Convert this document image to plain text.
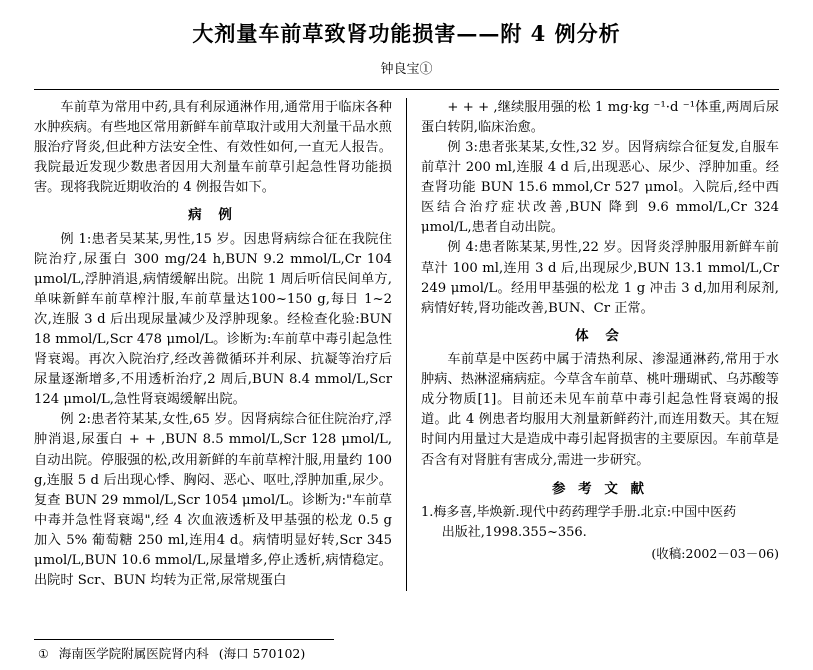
大剂量车前草致肾功能损害——附 4 例分析
钟良宝①

车前草为常用中药,具有利尿通淋作用,通常用于临床各种水肿疾病。有些地区常用新鲜车前草取汁或用大剂量干品水煎服治疗肾炎,但此种方法安全性、有效性如何,一直无人报告。我院最近发现少数患者因用大剂量车前草引起急性肾功能损害。现将我院近期收治的 4 例报告如下。

病 例

例 1:患者吴某某,男性,15 岁。因患肾病综合征在我院住院治疗,尿蛋白 300 mg/24 h,BUN 9.2 mmol/L,Cr 104 μmol/L,浮肿消退,病情缓解出院。出院 1 周后听信民间单方,单味新鲜车前草榨汁服,车前草量达100~150 g,每日 1~2 次,连服 3 d 后出现尿量减少及浮肿现象。经检查化验:BUN 18 mmol/L,Scr 478 μmol/L。诊断为:车前草中毒引起急性肾衰竭。再次入院治疗,经改善微循环并利尿、抗凝等治疗后尿量逐渐增多,不用透析治疗,2 周后,BUN 8.4 mmol/L,Scr 124 μmol/L,急性肾衰竭缓解出院。

例 2:患者符某某,女性,65 岁。因肾病综合征住院治疗,浮肿消退,尿蛋白 + + ,BUN 8.5 mmol/L,Scr 128 μmol/L,自动出院。停服强的松,改用新鲜的车前草榨汁服,用量约 100 g,连服 5 d 后出现心悸、胸闷、恶心、呕吐,浮肿加重,尿少。复查 BUN 29 mmol/L,Scr 1054 μmol/L。诊断为:"车前草中毒并急性肾衰竭",经 4 次血液透析及甲基强的松龙 0.5 g 加入 5% 葡萄糖 250 ml,连用4 d。病情明显好转,Scr 345 μmol/L,BUN 10.6 mmol/L,尿量增多,停止透析,病情稳定。出院时 Scr、BUN 均转为正常,尿常规蛋白

+ + + ,继续服用强的松 1 mg·kg ⁻¹·d ⁻¹体重,两周后尿蛋白转阴,临床治愈。

例 3:患者张某某,女性,32 岁。因肾病综合征复发,自服车前草汁 200 ml,连服 4 d 后,出现恶心、尿少、浮肿加重。经查肾功能 BUN 15.6 mmol,Cr 527 μmol。入院后,经中西医结合治疗症状改善,BUN 降到 9.6 mmol/L,Cr 324 μmol/L,患者自动出院。

例 4:患者陈某某,男性,22 岁。因肾炎浮肿服用新鲜车前草汁 100 ml,连用 3 d 后,出现尿少,BUN 13.1 mmol/L,Cr 249 μmol/L。经用甲基强的松龙 1 g 冲击 3 d,加用利尿剂,病情好转,肾功能改善,BUN、Cr 正常。

体 会

车前草是中医药中属于清热利尿、渗湿通淋药,常用于水肿病、热淋涩痛病症。今草含车前草、桃叶珊瑚甙、乌苏酸等成分物质[1]。目前还未见车前草中毒引起急性肾衰竭的报道。此 4 例患者均服用大剂量新鲜药汁,而连用数天。其在短时间内用量过大是造成中毒引起肾损害的主要原因。车前草是否含有对肾脏有害成分,需进一步研究。

参 考 文 献

1.梅多喜,毕焕新.现代中药药理学手册.北京:中国中医药
出版社,1998.355~356.

(收稿:2002－03－06)

① 海南医学院附属医院肾内科 (海口 570102)
